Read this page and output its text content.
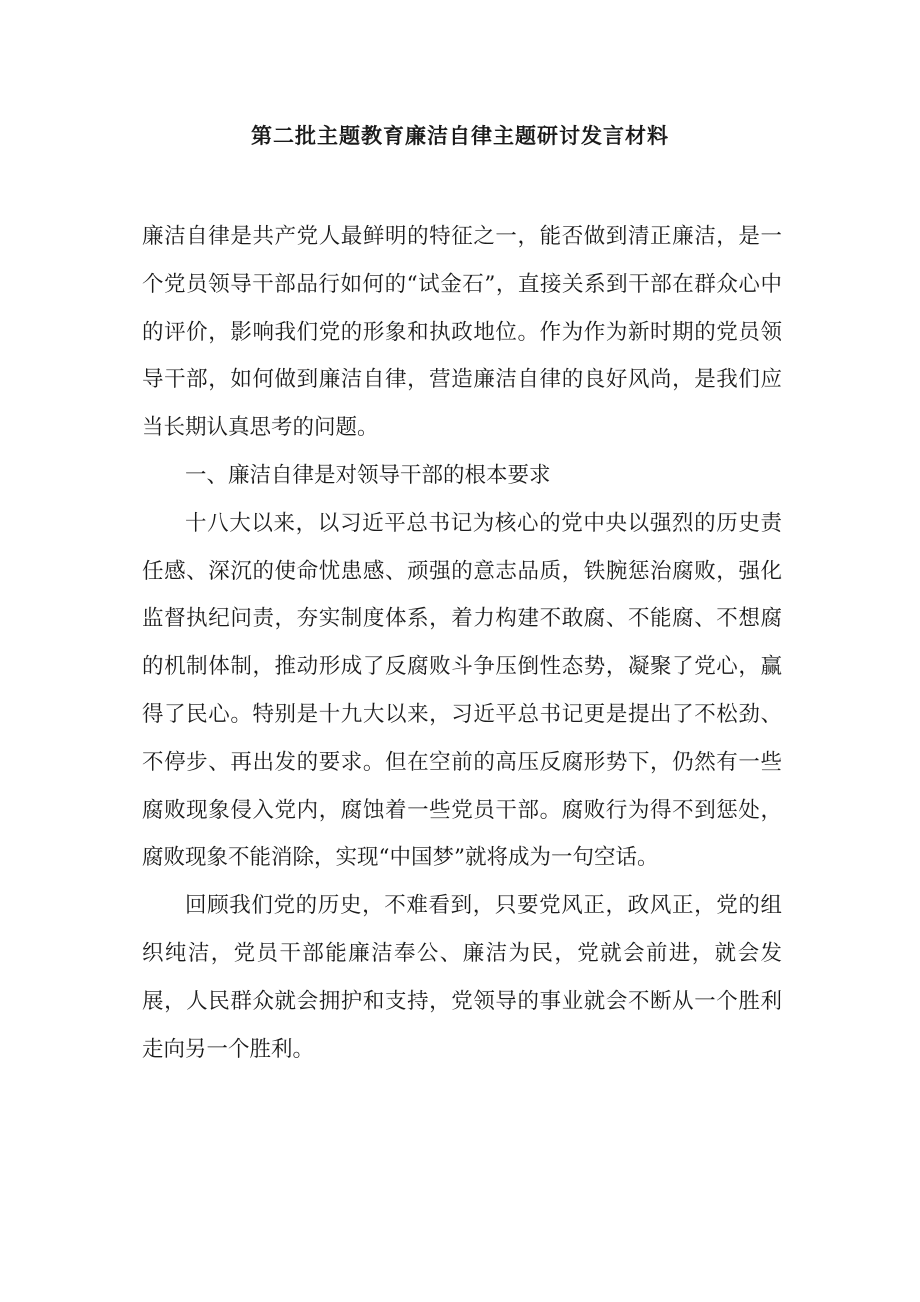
第二批主题教育廉洁自律主题研讨发言材料

廉洁自律是共产党人最鲜明的特征之一，能否做到清正廉洁，是一个党员领导干部品行如何的“试金石”，直接关系到干部在群众心中的评价，影响我们党的形象和执政地位。作为作为新时期的党员领导干部，如何做到廉洁自律，营造廉洁自律的良好风尚，是我们应当长期认真思考的问题。

一、廉洁自律是对领导干部的根本要求

十八大以来，以习近平总书记为核心的党中央以强烈的历史责任感、深沉的使命忧患感、顽强的意志品质，铁腕惩治腐败，强化监督执纪问责，夯实制度体系，着力构建不敢腐、不能腐、不想腐的机制体制，推动形成了反腐败斗争压倒性态势，凝聚了党心，赢得了民心。特别是十九大以来，习近平总书记更是提出了不松劲、不停步、再出发的要求。但在空前的高压反腐形势下，仍然有一些腐败现象侵入党内，腐蚀着一些党员干部。腐败行为得不到惩处，腐败现象不能消除，实现“中国梦”就将成为一句空话。

回顾我们党的历史，不难看到，只要党风正，政风正，党的组织纯洁，党员干部能廉洁奉公、廉洁为民，党就会前进，就会发展，人民群众就会拥护和支持，党领导的事业就会不断从一个胜利走向另一个胜利。
